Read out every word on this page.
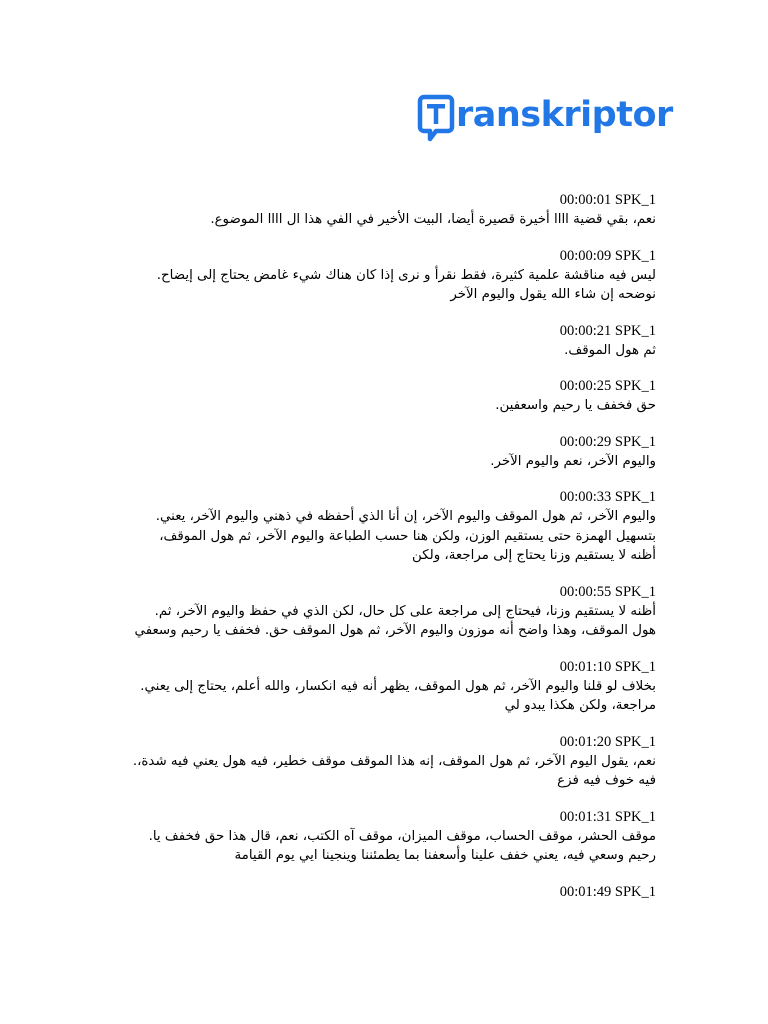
ranskriptor
00:00:01 SPK_1
نعم، بقي قضية اااا أخيرة قصيرة أيضا، البيت الأخير في الفي هذا ال اااا الموضوع.
00:00:09 SPK_1
ليس فيه مناقشة علمية كثيرة، فقط نقرأ و نرى إذا كان هناك شيء غامض يحتاج إلى إيضاح.
نوضحه إن شاء الله يقول واليوم الآخر
00:00:21 SPK_1
ثم هول الموقف.
00:00:25 SPK_1
حق فخفف يا رحيم واسعفين.
00:00:29 SPK_1
واليوم الآخر، نعم واليوم الآخر.
00:00:33 SPK_1
واليوم الآخر، ثم هول الموقف واليوم الآخر، إن أنا الذي أحفظه في ذهني واليوم الآخر، يعني.
بتسهيل الهمزة حتى يستقيم الوزن، ولكن هنا حسب الطباعة واليوم الآخر، ثم هول الموقف،
أظنه لا يستقيم وزنا يحتاج إلى مراجعة، ولكن
00:00:55 SPK_1
أظنه لا يستقيم وزنا، فيحتاج إلى مراجعة على كل حال، لكن الذي في حفظ واليوم الآخر، ثم.
هول الموقف، وهذا واضح أنه موزون واليوم الآخر، ثم هول الموقف حق. فخفف يا رحيم وسعفي
00:01:10 SPK_1
بخلاف لو قلنا واليوم الآخر، ثم هول الموقف، يظهر أنه فيه انكسار، والله أعلم، يحتاج إلى يعني.
مراجعة، ولكن هكذا يبدو لي
00:01:20 SPK_1
نعم، يقول اليوم الآخر، ثم هول الموقف، إنه هذا الموقف موقف خطير، فيه هول يعني فيه شدة،.
فيه خوف فيه فزع
00:01:31 SPK_1
موقف الحشر، موقف الحساب، موقف الميزان، موقف آه الكتب، نعم، قال هذا حق فخفف يا.
رحيم وسعي فيه، يعني خفف علينا وأسعفنا بما يطمئننا وينجينا ايي يوم القيامة
00:01:49 SPK_1
